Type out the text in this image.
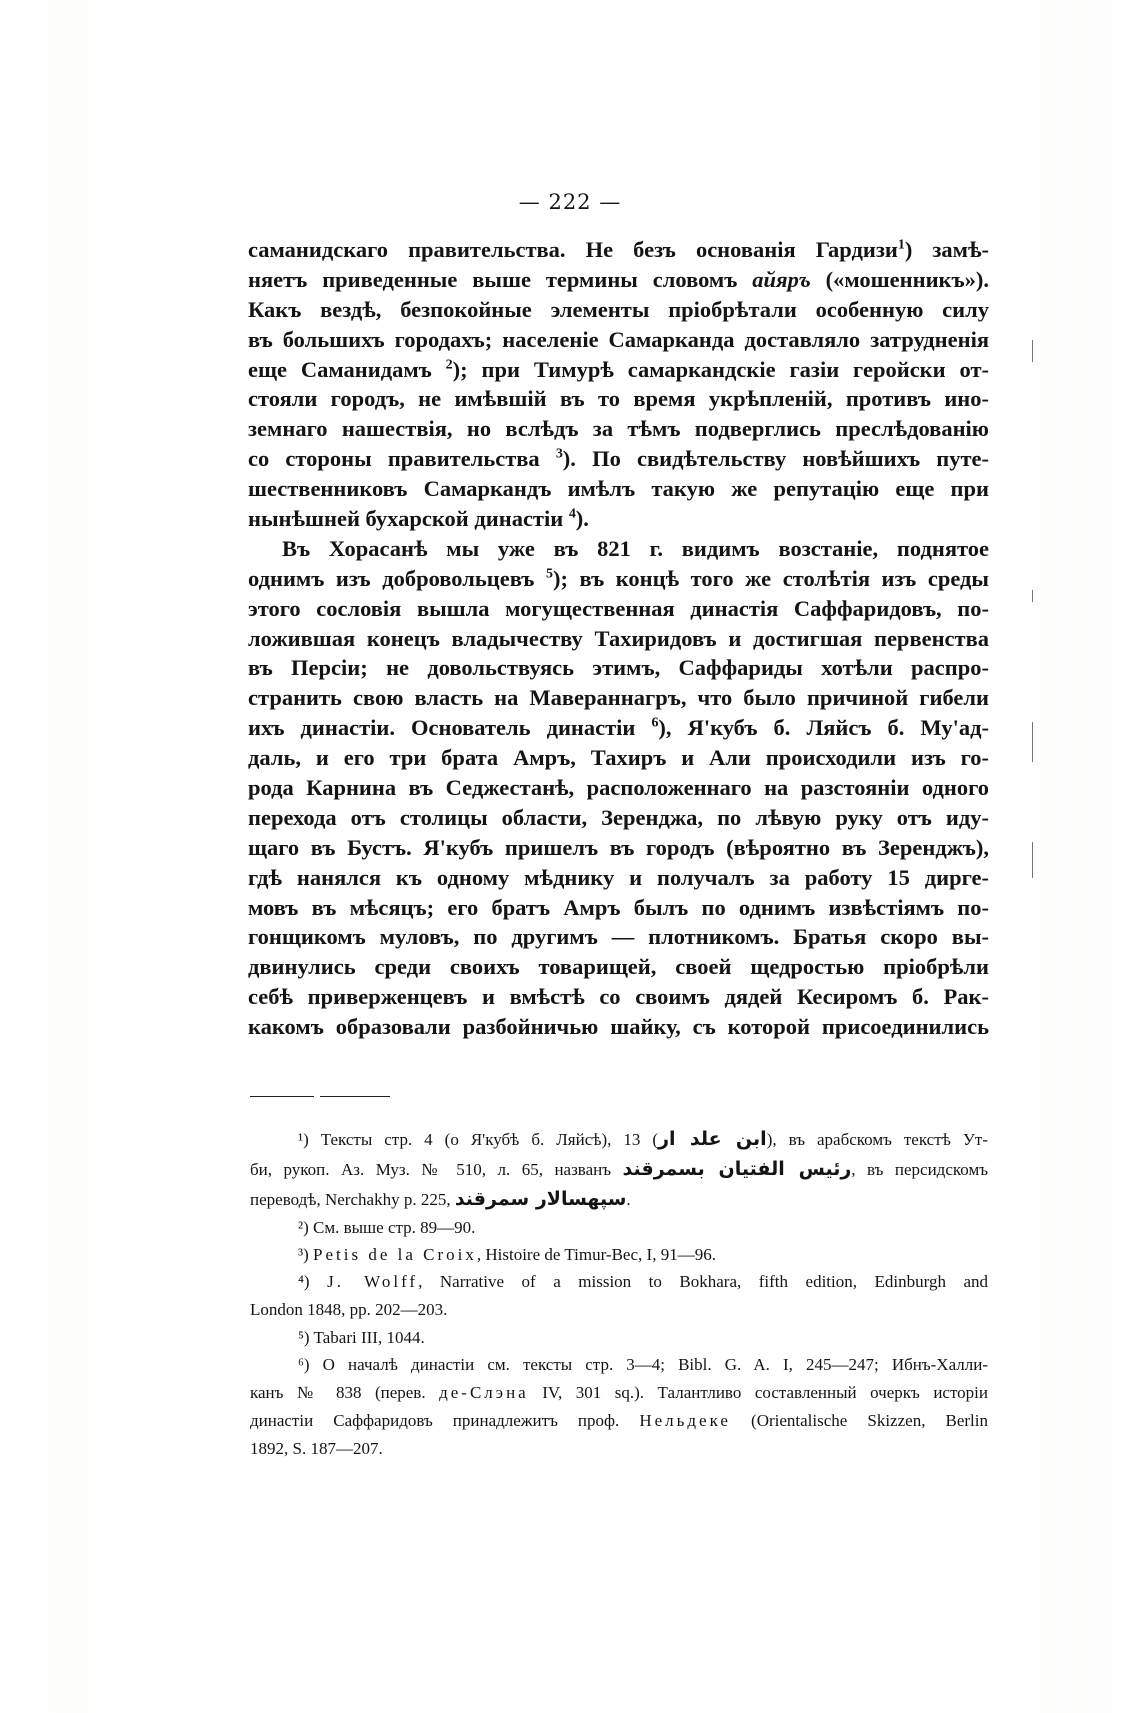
— 222 —
саманидскаго правительства. Не безъ основанія Гардизи$^1$) замѣ-
няетъ приведенные выше термины словомъ айяръ («мошенникъ»).
Какъ вездѣ, безпокойные элементы пріобрѣтали особенную силу
въ большихъ городахъ; населеніе Самарканда доставляло затрудненія
еще Саманидамъ $^2$); при Тимурѣ самаркандскіе газіи геройски от-
стояли городъ, не имѣвшій въ то время укрѣпленій, противъ ино-
земнаго нашествія, но вслѣдъ за тѣмъ подверглись преслѣдованію
со стороны правительства $^3$). По свидѣтельству новѣйшихъ путе-
шественниковъ Самаркандъ имѣлъ такую же репутацію еще при
нынѣшней бухарской династіи $^4$).
Въ Хорасанѣ мы уже въ 821 г. видимъ возстаніе, поднятое
однимъ изъ добровольцевъ $^5$); въ концѣ того же столѣтія изъ среды
этого сословія вышла могущественная династія Саффаридовъ, по-
ложившая конецъ владычеству Тахиридовъ и достигшая первенства
въ Персіи; не довольствуясь этимъ, Саффариды хотѣли распро-
странить свою власть на Мавераннагръ, что было причиной гибели
ихъ династіи. Основатель династіи $^6$), Я'кубъ б. Ляйсъ б. Му'ад-
даль, и его три брата Амръ, Тахиръ и Али происходили изъ го-
рода Карнина въ Седжестанѣ, расположеннаго на разстояніи одного
перехода отъ столицы области, Зеренджа, по лѣвую руку отъ иду-
щаго въ Бустъ. Я'кубъ пришелъ въ городъ (вѣроятно въ Зеренджъ),
гдѣ нанялся къ одному мѣднику и получалъ за работу 15 дирге-
мовъ въ мѣсяцъ; его братъ Амръ былъ по однимъ извѣстіямъ по-
гонщикомъ муловъ, по другимъ — плотникомъ. Братья скоро вы-
двинулись среди своихъ товарищей, своей щедростью пріобрѣли
себѣ приверженцевъ и вмѣстѣ со своимъ дядей Кесиромъ б. Рак-
какомъ образовали разбойничью шайку, съ которой присоединились
¹) Тексты стр. 4 (о Я'кубѣ б. Ляйсѣ), 13 (ابن علد ار), въ арабскомъ текстѣ Ут-
би, рукоп. Аз. Муз. № 510, л. 65, названъ رئيس الفتيان بسمرقند, въ персидскомъ
переводѣ, Nerchakhy p. 225, سپهسالار سمرقند.
²) См. выше стр. 89—90.
³) Petis de la Croix, Histoire de Timur-Bec, I, 91—96.
⁴) J. Wolff, Narrative of a mission to Bokhara, fifth edition, Edinburgh and
London 1848, pp. 202—203.
⁵) Tabari III, 1044.
⁶) О началѣ династіи см. тексты стр. 3—4; Bibl. G. A. I, 245—247; Ибнъ-Халли-
канъ № 838 (перев. де-Слэна IV, 301 sq.). Талантливо составленный очеркъ исторіи
династіи Саффаридовъ принадлежитъ проф. Нельдеке (Orientalische Skizzen, Berlin
1892, S. 187—207.
